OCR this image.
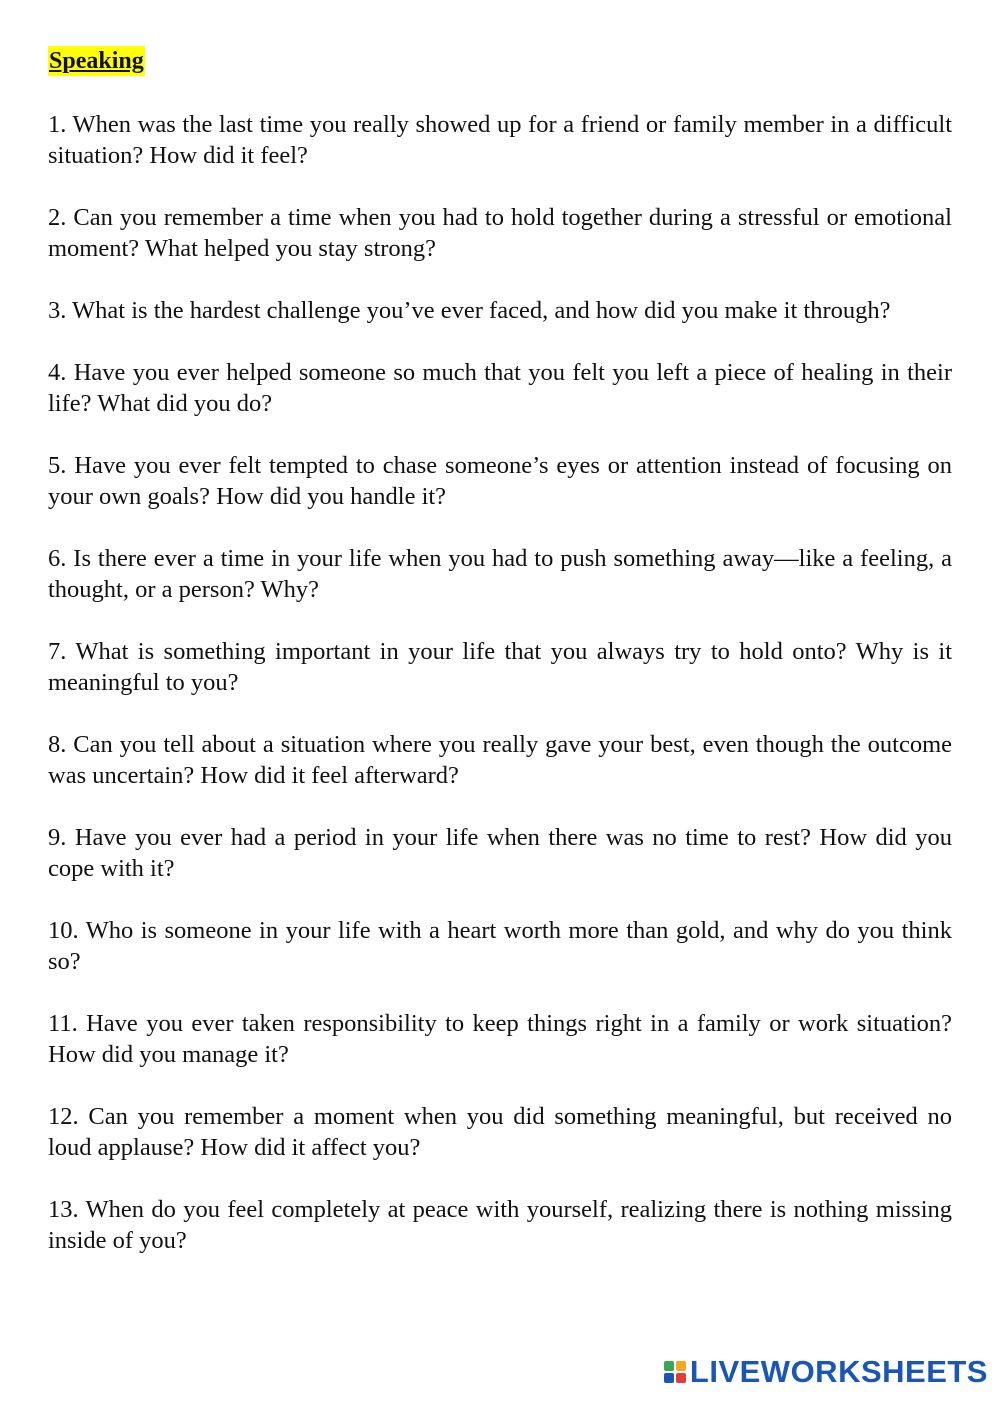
Speaking

1. When was the last time you really showed up for a friend or family member in a difficult situation? How did it feel?

2. Can you remember a time when you had to hold together during a stressful or emotional moment? What helped you stay strong?

3. What is the hardest challenge you’ve ever faced, and how did you make it through?

4. Have you ever helped someone so much that you felt you left a piece of healing in their life? What did you do?

5. Have you ever felt tempted to chase someone’s eyes or attention instead of focusing on your own goals? How did you handle it?

6. Is there ever a time in your life when you had to push something away—like a feeling, a thought, or a person? Why?

7. What is something important in your life that you always try to hold onto? Why is it meaningful to you?

8. Can you tell about a situation where you really gave your best, even though the outcome was uncertain? How did it feel afterward?

9. Have you ever had a period in your life when there was no time to rest? How did you cope with it?

10. Who is someone in your life with a heart worth more than gold, and why do you think so?

11. Have you ever taken responsibility to keep things right in a family or work situation? How did you manage it?

12. Can you remember a moment when you did something meaningful, but received no loud applause? How did it affect you?

13. When do you feel completely at peace with yourself, realizing there is nothing missing inside of you?

LIVEWORKSHEETS
